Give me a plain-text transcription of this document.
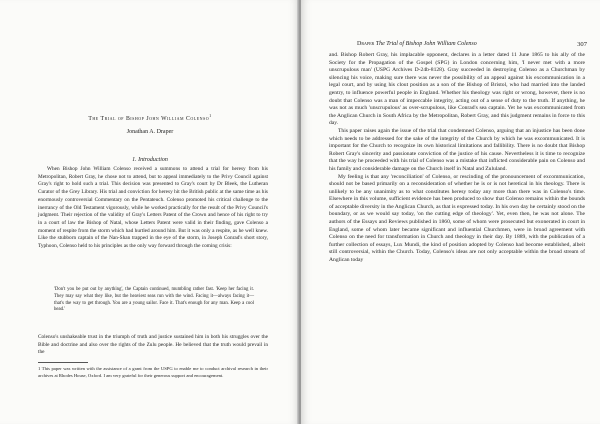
The Trial of Bishop John William Colenso$^1$
Jonathan A. Draper
1. Introduction

When Bishop John William Colenso received a summons to attend a trial for heresy from his Metropolitan, Robert Gray, he chose not to attend, but to appeal immediately to the Privy Council against Gray's right to hold such a trial. This decision was presented to Gray's court by Dr Bleek, the Lutheran Curator of the Grey Library. His trial and conviction for heresy hit the British public at the same time as his enormously controversial Commentary on the Pentateuch. Colenso promoted his critical challenge to the inerrancy of the Old Testament vigorously, while he worked practically for the result of the Privy Council's judgment. Their rejection of the validity of Gray's Letters Patent of the Crown and hence of his right to try in a court of law the Bishop of Natal, whose Letters Patent were valid in their finding, gave Colenso a moment of respite from the storm which had hurtled around him. But it was only a respite, as he well knew. Like the stubborn captain of the Nan-Shan trapped in the eye of the storm, in Joseph Conrad's short story, Typhoon, Colenso held to his principles as the only way forward through the coming crisis:

'Don't you be put out by anything', the Captain continued, mumbling rather fast. 'Keep her facing it. They may say what they like, but the heaviest seas run with the wind. Facing it—always facing it—that's the way to get through. You are a young sailor. Face it. That's enough for any man. Keep a cool head.'

Colenso's unshakeable trust in the triumph of truth and justice sustained him in both his struggles over the Bible and doctrine and also over the rights of the Zulu people. He believed that the truth would prevail in the

1 This paper was written with the assistance of a grant from the USPG to enable me to conduct archival research in their archives at Rhodes House, Oxford. I am very grateful for their generous support and encouragement.

Draper The Trial of Bishop John William Colenso	307

and. Bishop Robert Gray, his implacable opponent, declares in a letter dated 11 June 1865 to his ally of the Society for the Propagation of the Gospel (SPG) in London concerning him, 'I never met with a more unscrupulous man' (USPG Archives D-24b-8128). Gray succeeded in destroying Colenso as a Churchman by silencing his voice, making sure there was never the possibility of an appeal against his excommunication in a legal court, and by using his clout position as a son of the Bishop of Bristol, who had married into the landed gentry, to influence powerful people in England. Whether his theology was right or wrong, however, there is no doubt that Colenso was a man of impeccable integrity, acting out of a sense of duty to the truth. If anything, he was not as much 'unscrupulous' as over-scrupulous, like Conrad's sea captain. Yet he was excommunicated from the Anglican Church in South Africa by the Metropolitan, Robert Gray, and this judgment remains in force to this day.

This paper raises again the issue of the trial that condemned Colenso, arguing that an injustice has been done which needs to be addressed for the sake of the integrity of the Church by which he was excommunicated. It is important for the Church to recognize its own historical limitations and fallibility. There is no doubt that Bishop Robert Gray's sincerity and passionate conviction of the justice of his cause. Nevertheless it is time to recognize that the way he proceeded with his trial of Colenso was a mistake that inflicted considerable pain on Colenso and his family and considerable damage on the Church itself in Natal and Zululand.

My feeling is that any 'reconciliation' of Colenso, or rescinding of the pronouncement of excommunication, should not be based primarily on a reconsideration of whether he is or is not heretical in his theology. There is unlikely to be any unanimity as to what constitutes heresy today any more than there was in Colenso's time. Elsewhere in this volume, sufficient evidence has been produced to show that Colenso remains within the bounds of acceptable diversity in the Anglican Church, as that is expressed today. In his own day he certainly stood on the boundary, or as we would say today, 'on the cutting edge of theology'. Yet, even then, he was not alone. The authors of the Essays and Reviews published in 1860, some of whom were prosecuted but exonerated in court in England, some of whom later became significant and influential Churchmen, were in broad agreement with Colenso on the need for transformation in Church and theology in their day. By 1889, with the publication of a further collection of essays, Lux Mundi, the kind of position adopted by Colenso had become established, albeit still controversial, within the Church. Today, Colenso's ideas are not only acceptable within the broad stream of Anglican today
